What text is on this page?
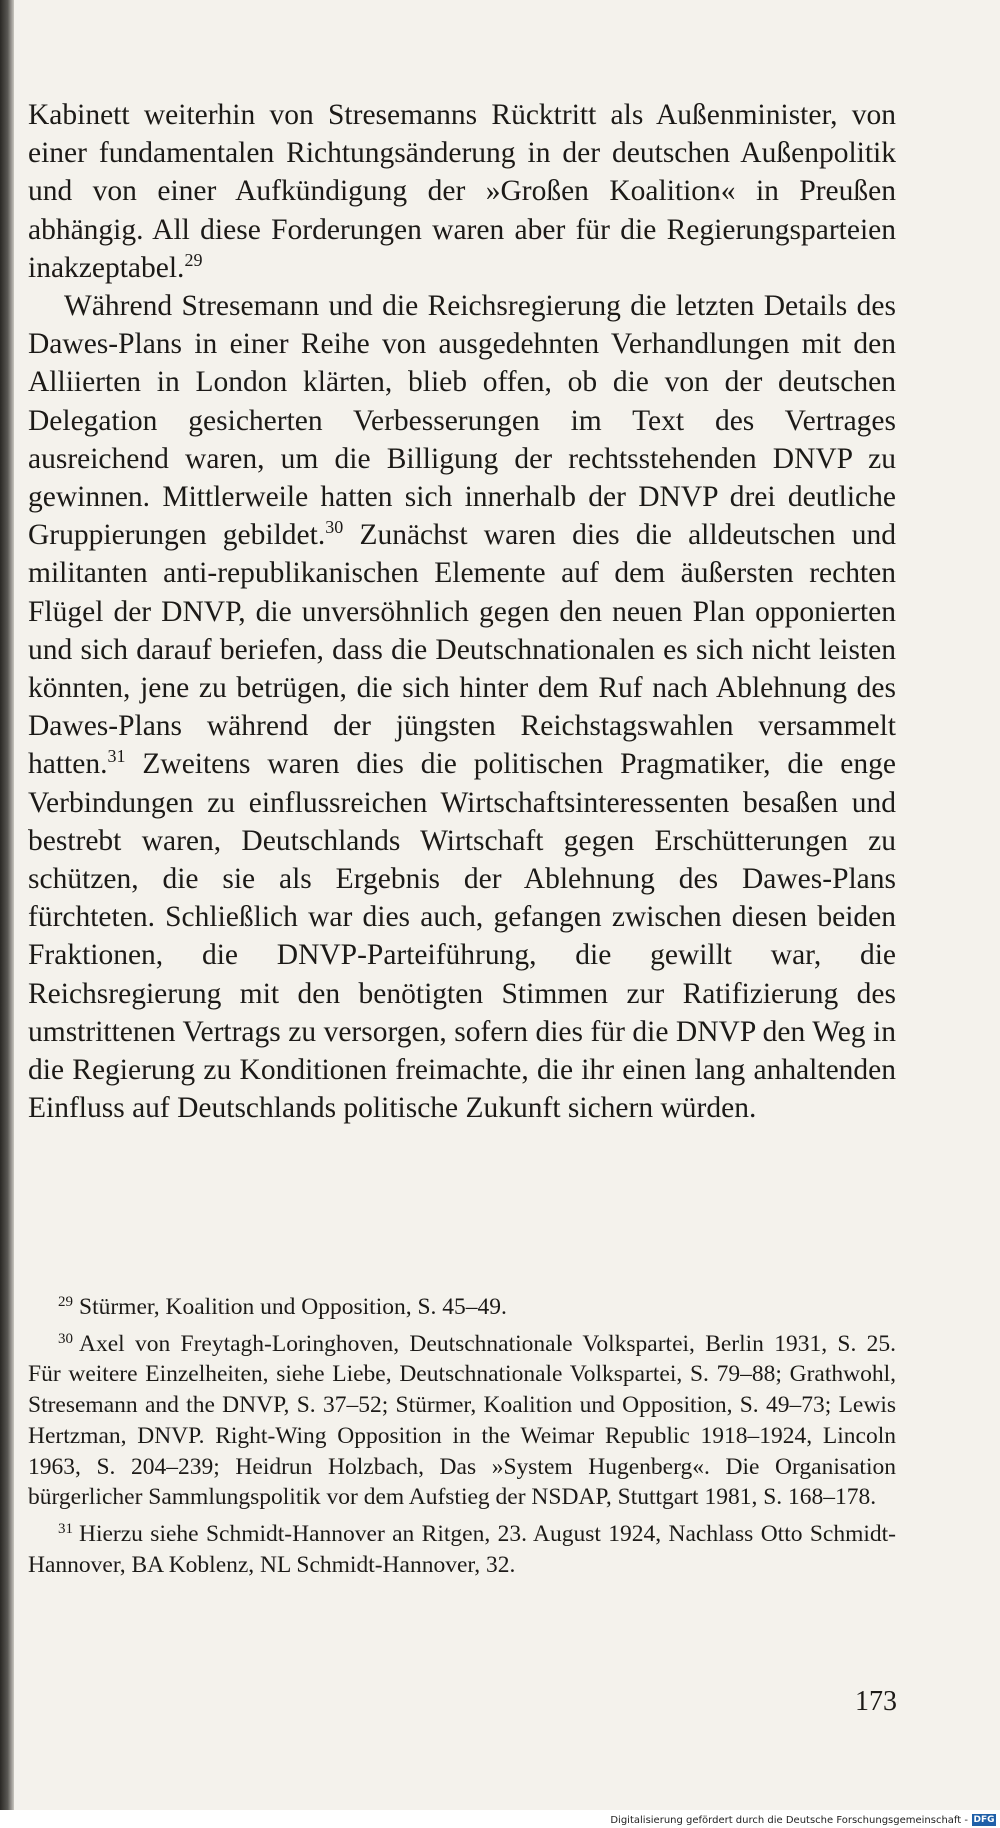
Kabinett weiterhin von Stresemanns Rücktritt als Außenminister, von einer fundamentalen Richtungsänderung in der deutschen Außenpolitik und von einer Aufkündigung der »Großen Koalition« in Preußen abhängig. All diese Forderungen waren aber für die Regierungsparteien inakzeptabel.$^{29}$

Während Stresemann und die Reichsregierung die letzten Details des Dawes-Plans in einer Reihe von ausgedehnten Verhandlungen mit den Alliierten in London klärten, blieb offen, ob die von der deutschen Delegation gesicherten Verbesserungen im Text des Vertrages ausreichend waren, um die Billigung der rechtsstehenden DNVP zu gewinnen. Mittlerweile hatten sich innerhalb der DNVP drei deutliche Gruppierungen gebildet.$^{30}$ Zunächst waren dies die alldeutschen und militanten anti-republikanischen Elemente auf dem äußersten rechten Flügel der DNVP, die unversöhnlich gegen den neuen Plan opponierten und sich darauf beriefen, dass die Deutschnationalen es sich nicht leisten könnten, jene zu betrügen, die sich hinter dem Ruf nach Ablehnung des Dawes-Plans während der jüngsten Reichstagswahlen versammelt hatten.$^{31}$ Zweitens waren dies die politischen Pragmatiker, die enge Verbindungen zu einflussreichen Wirtschaftsinteressenten besaßen und bestrebt waren, Deutschlands Wirtschaft gegen Erschütterungen zu schützen, die sie als Ergebnis der Ablehnung des Dawes-Plans fürchteten. Schließlich war dies auch, gefangen zwischen diesen beiden Fraktionen, die DNVP-Parteiführung, die gewillt war, die Reichsregierung mit den benötigten Stimmen zur Ratifizierung des umstrittenen Vertrags zu versorgen, sofern dies für die DNVP den Weg in die Regierung zu Konditionen freimachte, die ihr einen lang anhaltenden Einfluss auf Deutschlands politische Zukunft sichern würden.

$^{29}$ Stürmer, Koalition und Opposition, S. 45–49.

$^{30}$ Axel von Freytagh-Loringhoven, Deutschnationale Volkspartei, Berlin 1931, S. 25. Für weitere Einzelheiten, siehe Liebe, Deutschnationale Volkspartei, S. 79–88; Grathwohl, Stresemann and the DNVP, S. 37–52; Stürmer, Koalition und Opposition, S. 49–73; Lewis Hertzman, DNVP. Right-Wing Opposition in the Weimar Republic 1918–1924, Lincoln 1963, S. 204–239; Heidrun Holzbach, Das »System Hugenberg«. Die Organisation bürgerlicher Sammlungspolitik vor dem Aufstieg der NSDAP, Stuttgart 1981, S. 168–178.

$^{31}$ Hierzu siehe Schmidt-Hannover an Ritgen, 23. August 1924, Nachlass Otto Schmidt-Hannover, BA Koblenz, NL Schmidt-Hannover, 32.

173
Digitalisierung gefördert durch die Deutsche Forschungsgemeinschaft - DFG
